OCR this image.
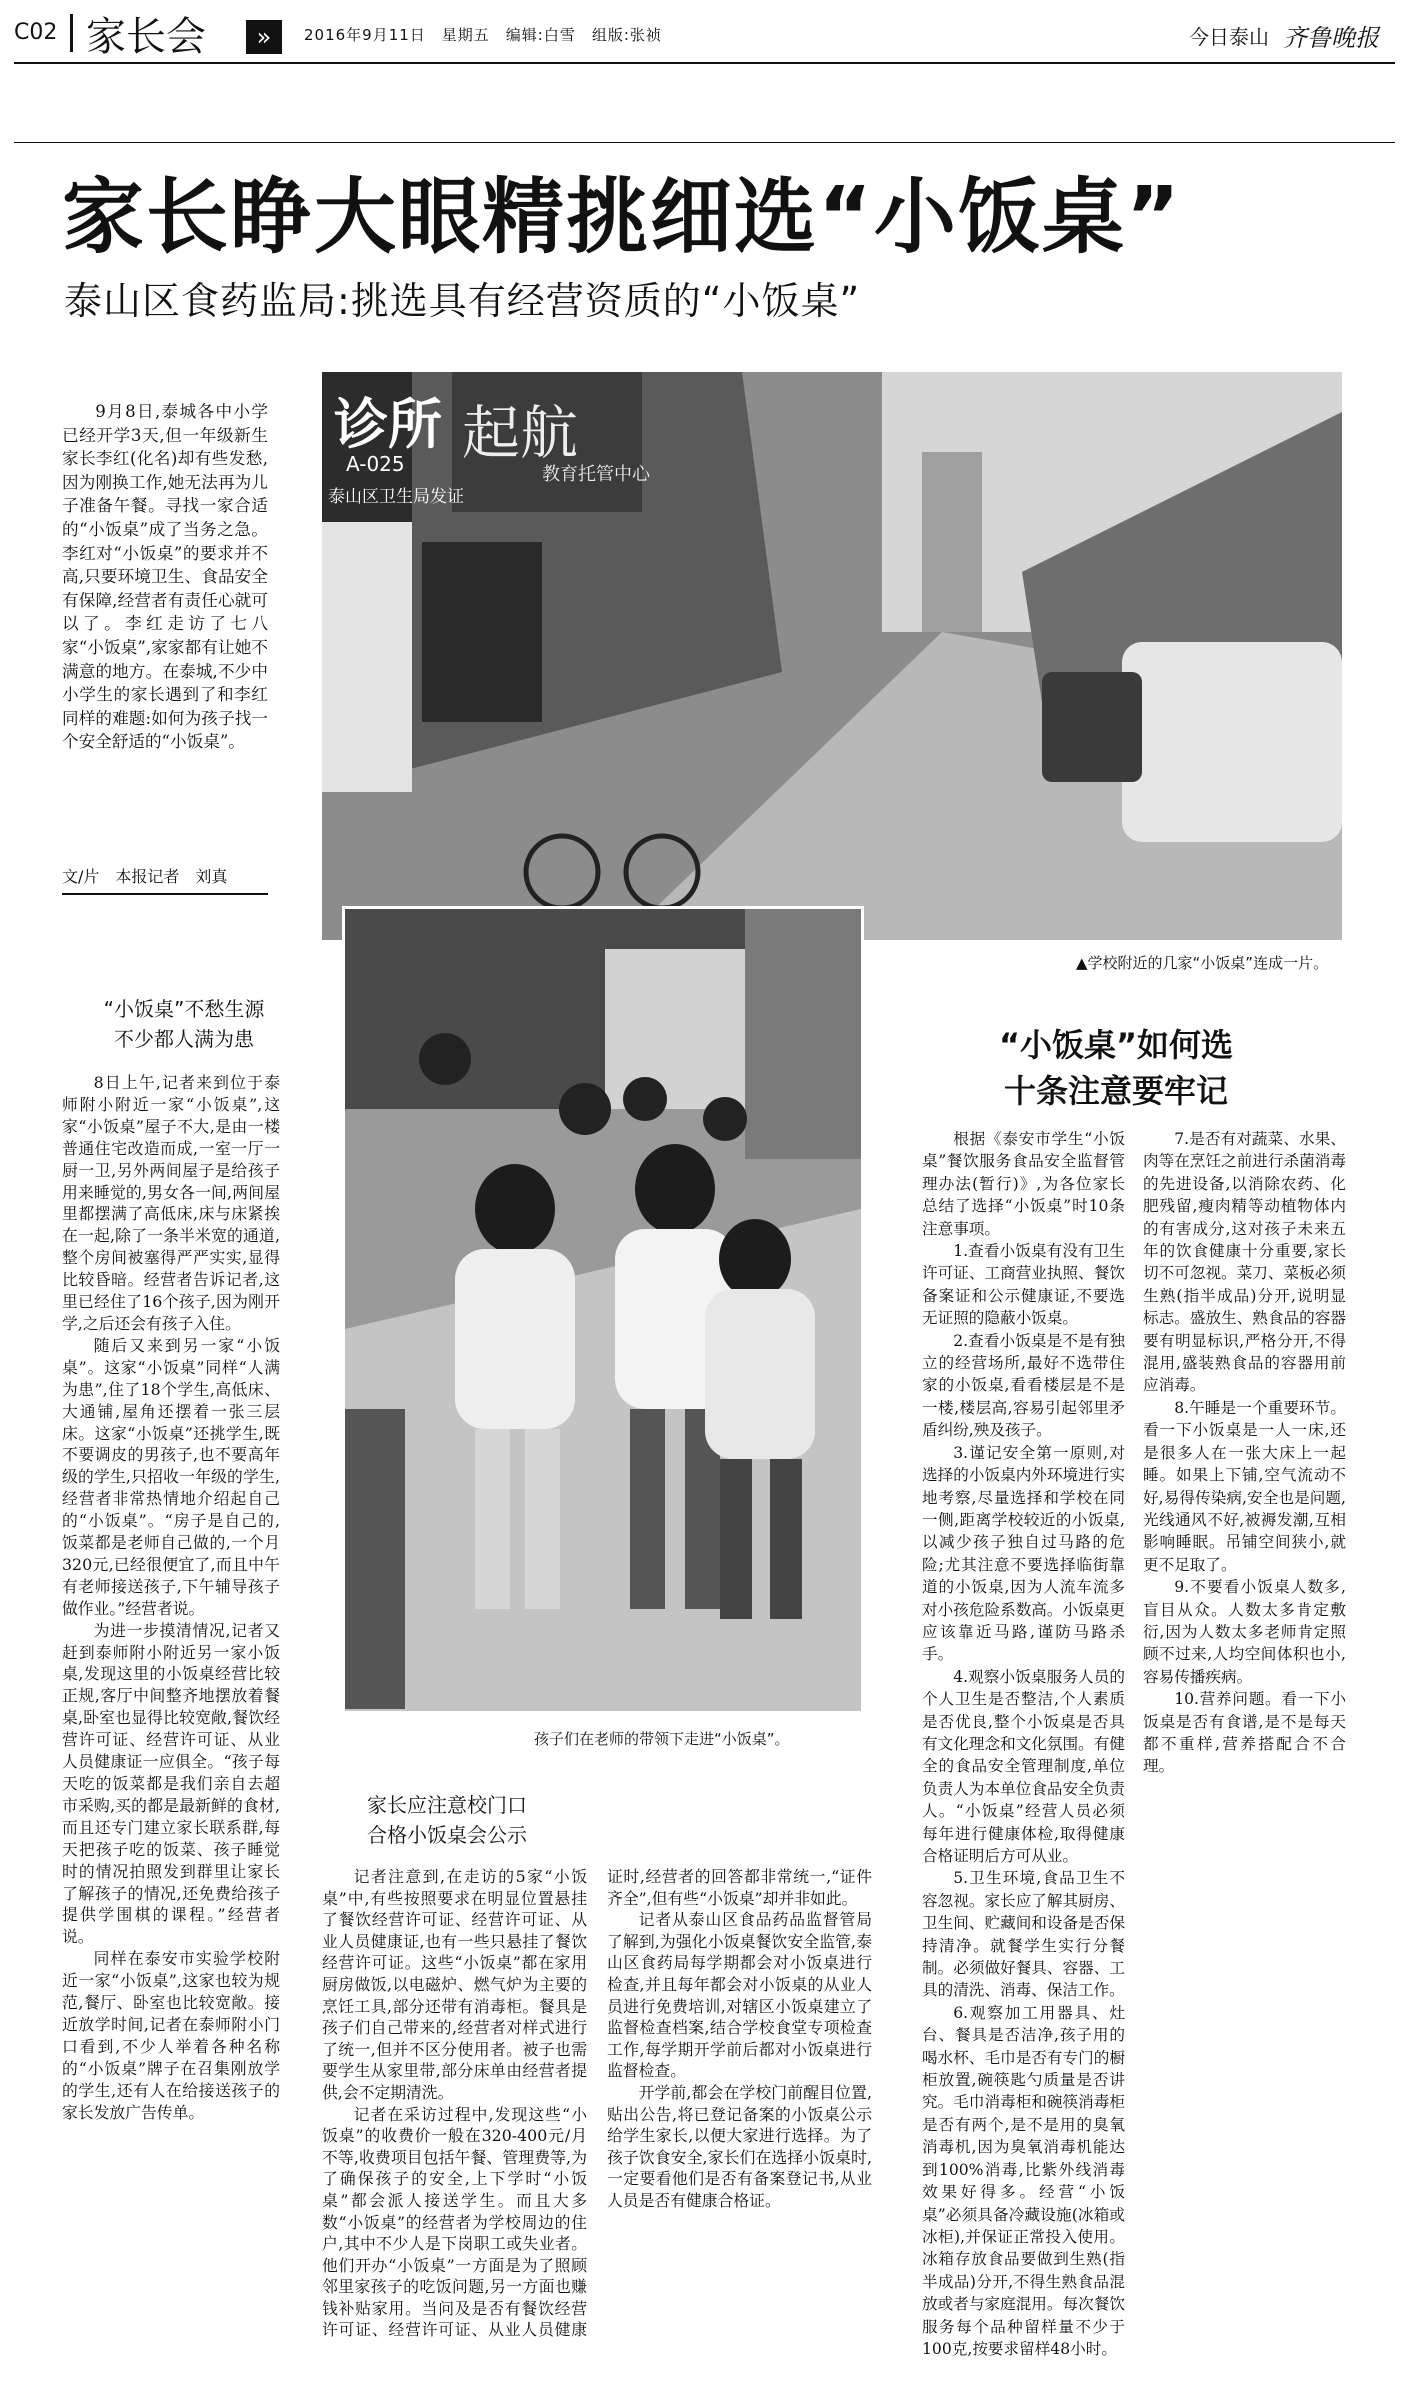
C02 家长会	»	2016年9月11日　星期五　编辑:白雪　组版:张祯	今日泰山 齐鲁晚报
家长睁大眼精挑细选“小饭桌”
泰山区食药监局:挑选具有经营资质的“小饭桌”

9月8日,泰城各中小学已经开学3天,但一年级新生家长李红(化名)却有些发愁,因为刚换工作,她无法再为儿子准备午餐。寻找一家合适的“小饭桌”成了当务之急。李红对“小饭桌”的要求并不高,只要环境卫生、食品安全有保障,经营者有责任心就可以了。李红走访了七八家“小饭桌”,家家都有让她不满意的地方。在泰城,不少中小学生的家长遇到了和李红同样的难题:如何为孩子找一个安全舒适的“小饭桌”。

文/片　本报记者　刘真
诊所
A-025 起航
教育托管中心
泰山区卫生局发证
▲学校附近的几家“小饭桌”连成一片。
孩子们在老师的带领下走进“小饭桌”。
“小饭桌”不愁生源
不少都人满为患

8日上午,记者来到位于泰师附小附近一家“小饭桌”,这家“小饭桌”屋子不大,是由一楼普通住宅改造而成,一室一厅一厨一卫,另外两间屋子是给孩子用来睡觉的,男女各一间,两间屋里都摆满了高低床,床与床紧挨在一起,除了一条半米宽的通道,整个房间被塞得严严实实,显得比较昏暗。经营者告诉记者,这里已经住了16个孩子,因为刚开学,之后还会有孩子入住。

随后又来到另一家“小饭桌”。这家“小饭桌”同样“人满为患”,住了18个学生,高低床、大通铺,屋角还摆着一张三层床。这家“小饭桌”还挑学生,既不要调皮的男孩子,也不要高年级的学生,只招收一年级的学生,经营者非常热情地介绍起自己的“小饭桌”。“房子是自己的,饭菜都是老师自己做的,一个月320元,已经很便宜了,而且中午有老师接送孩子,下午辅导孩子做作业。”经营者说。

为进一步摸清情况,记者又赶到泰师附小附近另一家小饭桌,发现这里的小饭桌经营比较正规,客厅中间整齐地摆放着餐桌,卧室也显得比较宽敞,餐饮经营许可证、经营许可证、从业人员健康证一应俱全。“孩子每天吃的饭菜都是我们亲自去超市采购,买的都是最新鲜的食材,而且还专门建立家长联系群,每天把孩子吃的饭菜、孩子睡觉时的情况拍照发到群里让家长了解孩子的情况,还免费给孩子提供学围棋的课程。”经营者说。

同样在泰安市实验学校附近一家“小饭桌”,这家也较为规范,餐厅、卧室也比较宽敞。接近放学时间,记者在泰师附小门口看到,不少人举着各种名称的“小饭桌”牌子在召集刚放学的学生,还有人在给接送孩子的家长发放广告传单。

家长应注意校门口
合格小饭桌会公示

记者注意到,在走访的5家“小饭桌”中,有些按照要求在明显位置悬挂了餐饮经营许可证、经营许可证、从业人员健康证,也有一些只悬挂了餐饮经营许可证。这些“小饭桌”都在家用厨房做饭,以电磁炉、燃气炉为主要的烹饪工具,部分还带有消毒柜。餐具是孩子们自己带来的,经营者对样式进行了统一,但并不区分使用者。被子也需要学生从家里带,部分床单由经营者提供,会不定期清洗。

记者在采访过程中,发现这些“小饭桌”的收费价一般在320-400元/月不等,收费项目包括午餐、管理费等,为了确保孩子的安全,上下学时“小饭桌”都会派人接送学生。而且大多数“小饭桌”的经营者为学校周边的住户,其中不少人是下岗职工或失业者。他们开办“小饭桌”一方面是为了照顾邻里家孩子的吃饭问题,另一方面也赚钱补贴家用。当问及是否有餐饮经营许可证、经营许可证、从业人员健康证时,经营者的回答都非常统一,“证件齐全”,但有些“小饭桌”却并非如此。

记者从泰山区食品药品监督管局了解到,为强化小饭桌餐饮安全监管,泰山区食药局每学期都会对小饭桌进行检查,并且每年都会对小饭桌的从业人员进行免费培训,对辖区小饭桌建立了监督检查档案,结合学校食堂专项检查工作,每学期开学前后都对小饭桌进行监督检查。

开学前,都会在学校门前醒目位置,贴出公告,将已登记备案的小饭桌公示给学生家长,以便大家进行选择。为了孩子饮食安全,家长们在选择小饭桌时,一定要看他们是否有备案登记书,从业人员是否有健康合格证。

“小饭桌”如何选
十条注意要牢记

根据《泰安市学生“小饭桌”餐饮服务食品安全监督管理办法(暂行)》,为各位家长总结了选择“小饭桌”时10条注意事项。

1.查看小饭桌有没有卫生许可证、工商营业执照、餐饮备案证和公示健康证,不要选无证照的隐蔽小饭桌。

2.查看小饭桌是不是有独立的经营场所,最好不选带住家的小饭桌,看看楼层是不是一楼,楼层高,容易引起邻里矛盾纠纷,殃及孩子。

3.谨记安全第一原则,对选择的小饭桌内外环境进行实地考察,尽量选择和学校在同一侧,距离学校较近的小饭桌,以减少孩子独自过马路的危险;尤其注意不要选择临街靠道的小饭桌,因为人流车流多对小孩危险系数高。小饭桌更应该靠近马路,谨防马路杀手。

4.观察小饭桌服务人员的个人卫生是否整洁,个人素质是否优良,整个小饭桌是否具有文化理念和文化氛围。有健全的食品安全管理制度,单位负责人为本单位食品安全负责人。“小饭桌”经营人员必须每年进行健康体检,取得健康合格证明后方可从业。

5.卫生环境,食品卫生不容忽视。家长应了解其厨房、卫生间、贮藏间和设备是否保持清净。就餐学生实行分餐制。必须做好餐具、容器、工具的清洗、消毒、保洁工作。

6.观察加工用器具、灶台、餐具是否洁净,孩子用的喝水杯、毛巾是否有专门的橱柜放置,碗筷匙勺质量是否讲究。毛巾消毒柜和碗筷消毒柜是否有两个,是不是用的臭氧消毒机,因为臭氧消毒机能达到100%消毒,比紫外线消毒效果好得多。经营“小饭桌”必须具备冷藏设施(冰箱或冰柜),并保证正常投入使用。冰箱存放食品要做到生熟(指半成品)分开,不得生熟食品混放或者与家庭混用。每次餐饮服务每个品种留样量不少于100克,按要求留样48小时。

7.是否有对蔬菜、水果、肉等在烹饪之前进行杀菌消毒的先进设备,以消除农药、化肥残留,瘦肉精等动植物体内的有害成分,这对孩子未来五年的饮食健康十分重要,家长切不可忽视。菜刀、菜板必须生熟(指半成品)分开,说明显标志。盛放生、熟食品的容器要有明显标识,严格分开,不得混用,盛装熟食品的容器用前应消毒。

8.午睡是一个重要环节。看一下小饭桌是一人一床,还是很多人在一张大床上一起睡。如果上下铺,空气流动不好,易得传染病,安全也是问题,光线通风不好,被褥发潮,互相影响睡眠。吊铺空间狭小,就更不足取了。

9.不要看小饭桌人数多,盲目从众。人数太多肯定敷衍,因为人数太多老师肯定照顾不过来,人均空间体积也小,容易传播疾病。

10.营养问题。看一下小饭桌是否有食谱,是不是每天都不重样,营养搭配合不合理。
